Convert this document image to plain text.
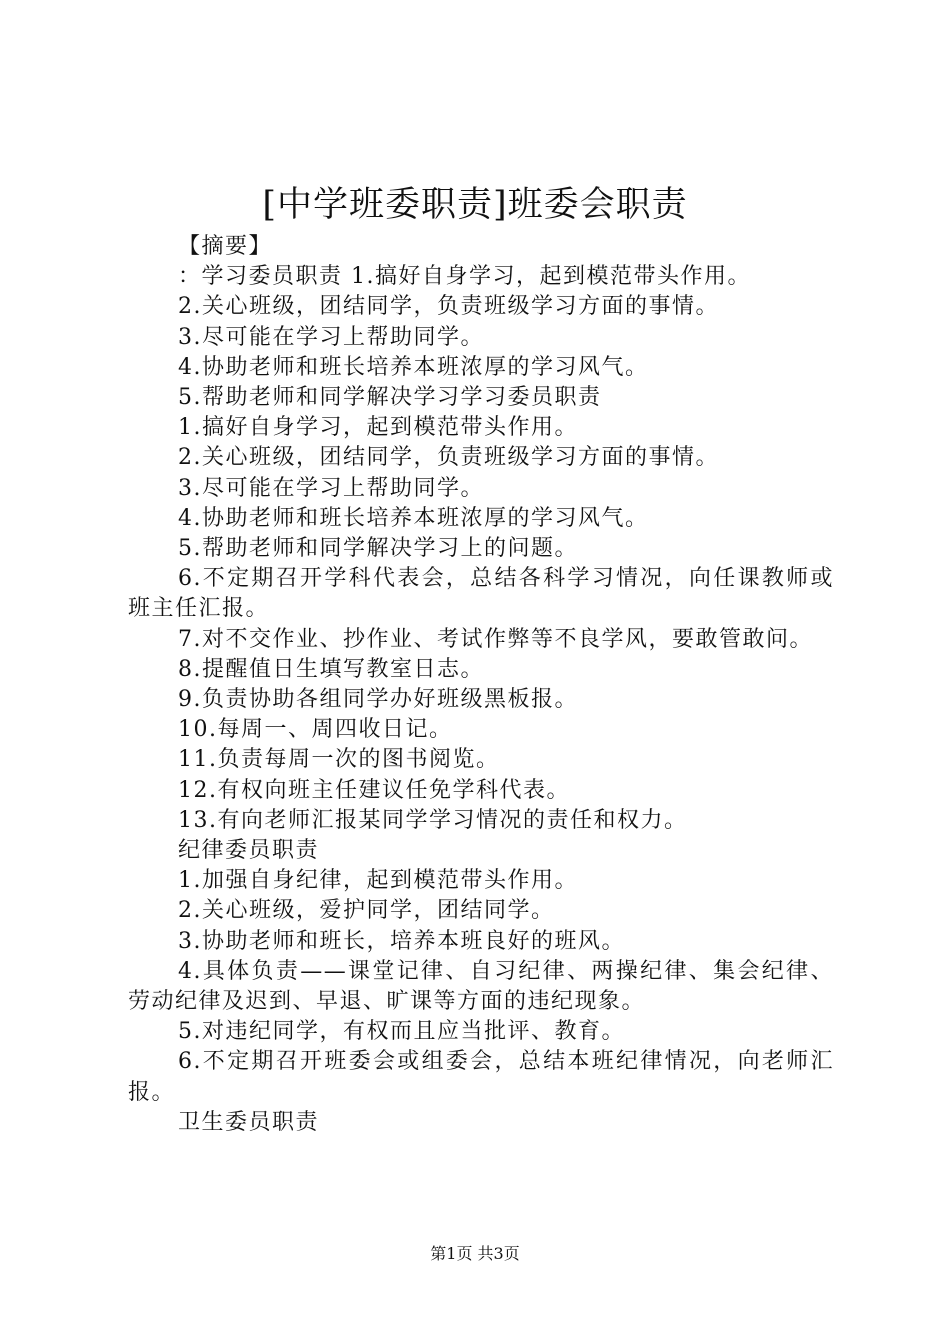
[中学班委职责]班委会职责

【摘要】

：学习委员职责 1.搞好自身学习，起到模范带头作用。

2.关心班级，团结同学，负责班级学习方面的事情。

3.尽可能在学习上帮助同学。

4.协助老师和班长培养本班浓厚的学习风气。

5.帮助老师和同学解决学习学习委员职责

1.搞好自身学习，起到模范带头作用。

2.关心班级，团结同学，负责班级学习方面的事情。

3.尽可能在学习上帮助同学。

4.协助老师和班长培养本班浓厚的学习风气。

5.帮助老师和同学解决学习上的问题。

6.不定期召开学科代表会，总结各科学习情况，向任课教师或班主任汇报。

7.对不交作业、抄作业、考试作弊等不良学风，要敢管敢问。

8.提醒值日生填写教室日志。

9.负责协助各组同学办好班级黑板报。

10.每周一、周四收日记。

11.负责每周一次的图书阅览。

12.有权向班主任建议任免学科代表。

13.有向老师汇报某同学学习情况的责任和权力。

纪律委员职责

1.加强自身纪律，起到模范带头作用。

2.关心班级，爱护同学，团结同学。

3.协助老师和班长，培养本班良好的班风。

4.具体负责——课堂记律、自习纪律、两操纪律、集会纪律、劳动纪律及迟到、早退、旷课等方面的违纪现象。

5.对违纪同学，有权而且应当批评、教育。

6.不定期召开班委会或组委会，总结本班纪律情况，向老师汇报。

卫生委员职责

第1页 共3页
